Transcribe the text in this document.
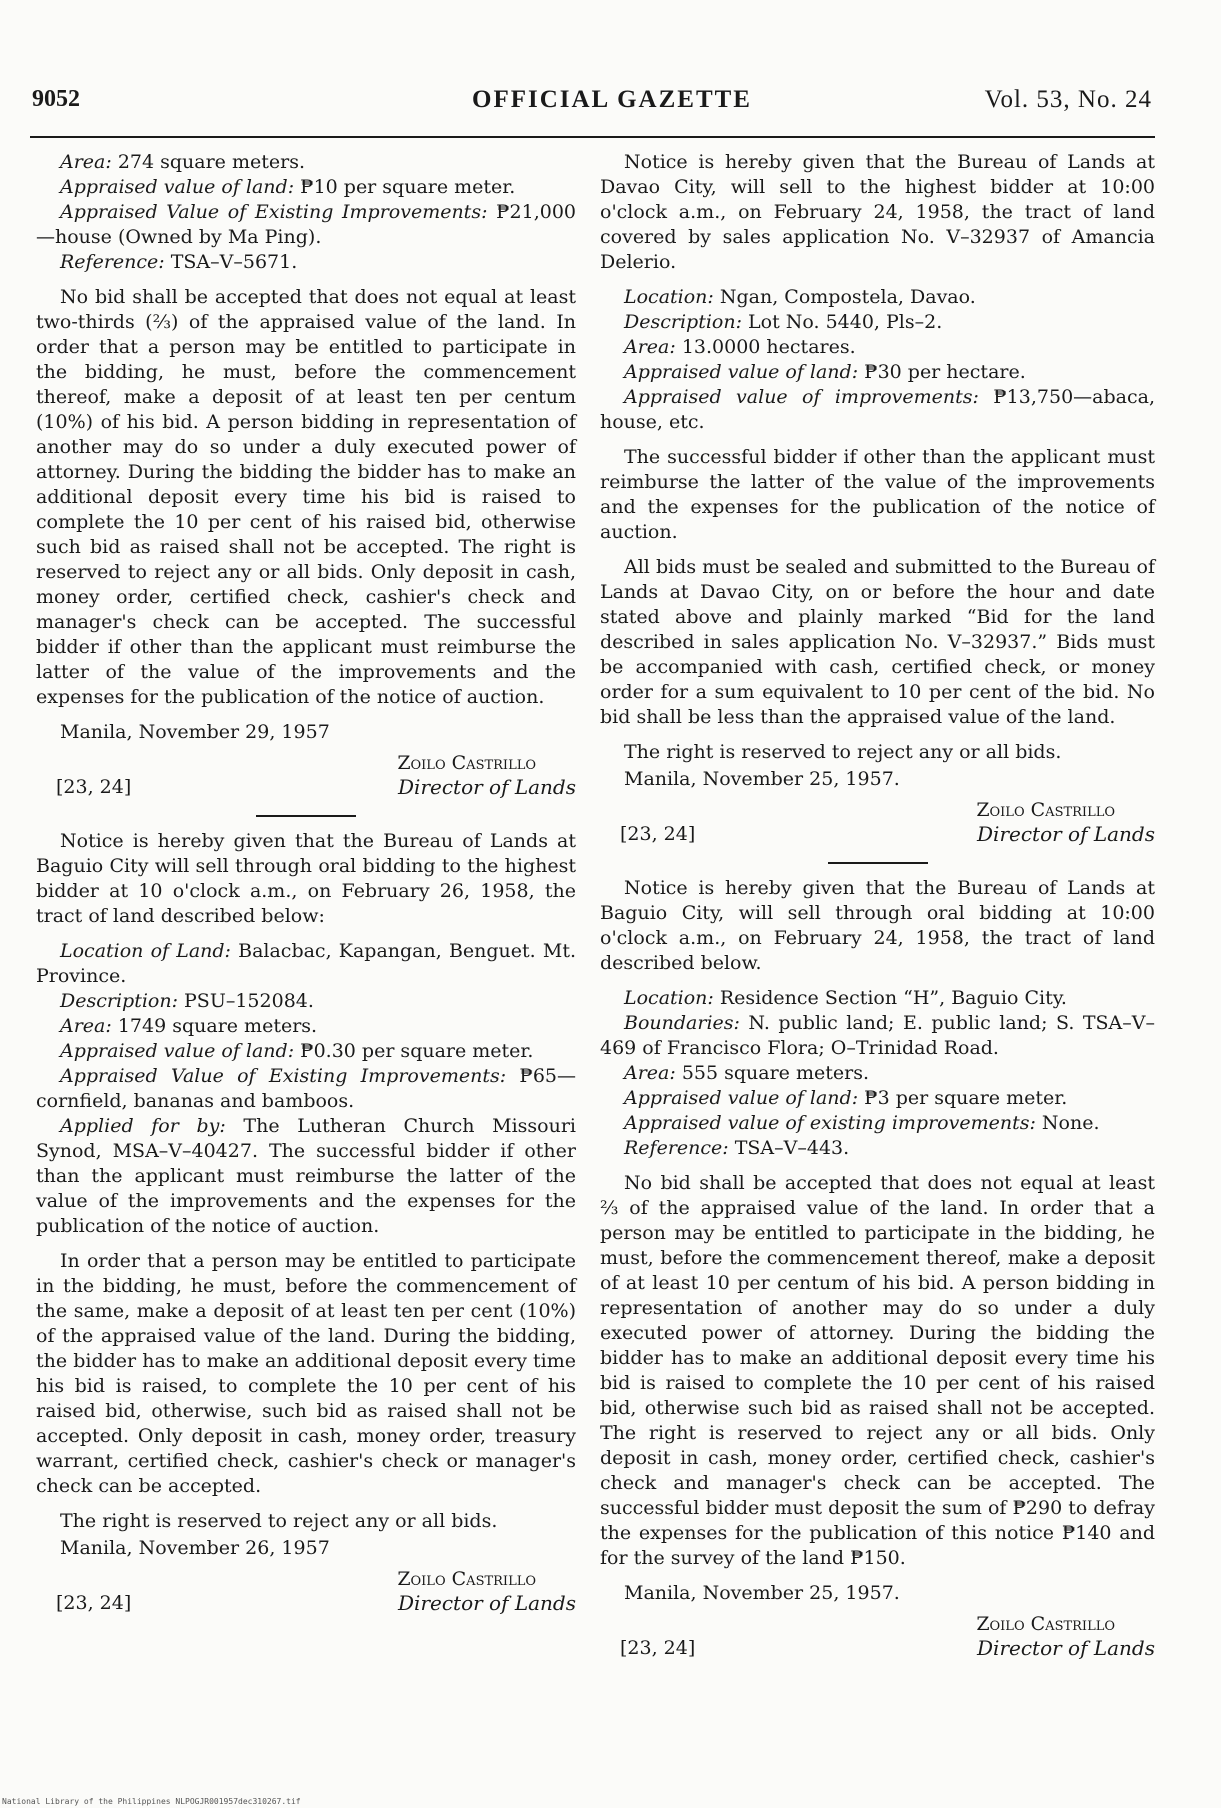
9052	OFFICIAL GAZETTE	Vol. 53, No. 24

Area: 274 square meters.

Appraised value of land: ₱10 per square meter.

Appraised Value of Existing Improvements: ₱21,000—house (Owned by Ma Ping).

Reference: TSA–V–5671.

No bid shall be accepted that does not equal at least two-thirds (⅔) of the appraised value of the land. In order that a person may be entitled to participate in the bidding, he must, before the commencement thereof, make a deposit of at least ten per centum (10%) of his bid. A person bidding in representation of another may do so under a duly executed power of attorney. During the bidding the bidder has to make an additional deposit every time his bid is raised to complete the 10 per cent of his raised bid, otherwise such bid as raised shall not be accepted. The right is reserved to reject any or all bids. Only deposit in cash, money order, certified check, cashier's check and manager's check can be accepted. The successful bidder if other than the applicant must reimburse the latter of the value of the improvements and the expenses for the publication of the notice of auction.

Manila, November 29, 1957

Zoilo Castrillo
Director of Lands
[23, 24]

Notice is hereby given that the Bureau of Lands at Baguio City will sell through oral bidding to the highest bidder at 10 o'clock a.m., on February 26, 1958, the tract of land described below:

Location of Land: Balacbac, Kapangan, Benguet. Mt. Province.

Description: PSU–152084.

Area: 1749 square meters.

Appraised value of land: ₱0.30 per square meter.

Appraised Value of Existing Improvements: ₱65—cornfield, bananas and bamboos.

Applied for by: The Lutheran Church Missouri Synod, MSA–V–40427. The successful bidder if other than the applicant must reimburse the latter of the value of the improvements and the expenses for the publication of the notice of auction.

In order that a person may be entitled to participate in the bidding, he must, before the commencement of the same, make a deposit of at least ten per cent (10%) of the appraised value of the land. During the bidding, the bidder has to make an additional deposit every time his bid is raised, to complete the 10 per cent of his raised bid, otherwise, such bid as raised shall not be accepted. Only deposit in cash, money order, treasury warrant, certified check, cashier's check or manager's check can be accepted.

The right is reserved to reject any or all bids.

Manila, November 26, 1957

Zoilo Castrillo
Director of Lands
[23, 24]

Notice is hereby given that the Bureau of Lands at Davao City, will sell to the highest bidder at 10:00 o'clock a.m., on February 24, 1958, the tract of land covered by sales application No. V–32937 of Amancia Delerio.

Location: Ngan, Compostela, Davao.

Description: Lot No. 5440, Pls–2.

Area: 13.0000 hectares.

Appraised value of land: ₱30 per hectare.

Appraised value of improvements: ₱13,750—abaca, house, etc.

The successful bidder if other than the applicant must reimburse the latter of the value of the improvements and the expenses for the publication of the notice of auction.

All bids must be sealed and submitted to the Bureau of Lands at Davao City, on or before the hour and date stated above and plainly marked “Bid for the land described in sales application No. V–32937.” Bids must be accompanied with cash, certified check, or money order for a sum equivalent to 10 per cent of the bid. No bid shall be less than the appraised value of the land.

The right is reserved to reject any or all bids.

Manila, November 25, 1957.

Zoilo Castrillo
Director of Lands
[23, 24]

Notice is hereby given that the Bureau of Lands at Baguio City, will sell through oral bidding at 10:00 o'clock a.m., on February 24, 1958, the tract of land described below.

Location: Residence Section “H”, Baguio City.

Boundaries: N. public land; E. public land; S. TSA–V–469 of Francisco Flora; O–Trinidad Road.

Area: 555 square meters.

Appraised value of land: ₱3 per square meter.

Appraised value of existing improvements: None.

Reference: TSA–V–443.

No bid shall be accepted that does not equal at least ⅔ of the appraised value of the land. In order that a person may be entitled to participate in the bidding, he must, before the commencement thereof, make a deposit of at least 10 per centum of his bid. A person bidding in representation of another may do so under a duly executed power of attorney. During the bidding the bidder has to make an additional deposit every time his bid is raised to complete the 10 per cent of his raised bid, otherwise such bid as raised shall not be accepted. The right is reserved to reject any or all bids. Only deposit in cash, money order, certified check, cashier's check and manager's check can be accepted. The successful bidder must deposit the sum of ₱290 to defray the expenses for the publication of this notice ₱140 and for the survey of the land ₱150.

Manila, November 25, 1957.

Zoilo Castrillo
Director of Lands
[23, 24]
National Library of the Philippines NLPOGJR001957dec310267.tif
